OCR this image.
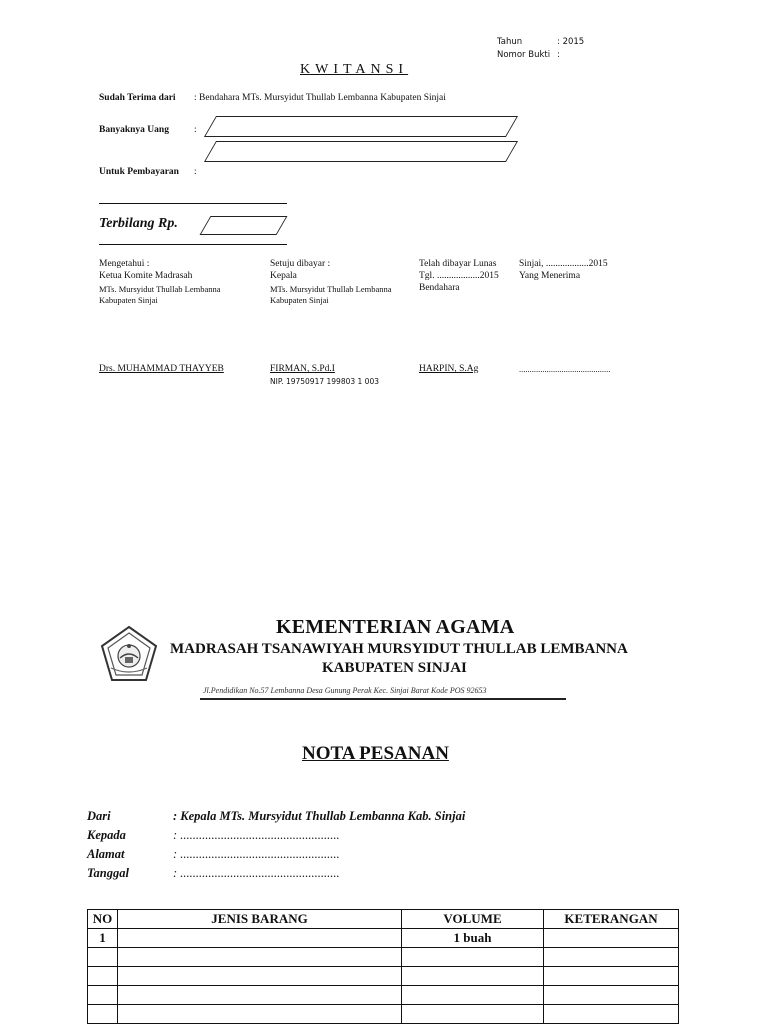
Tahun	: 2015
Nomor Bukti :
KWITANSI
Sudah Terima dari : Bendahara MTs. Mursyidut Thullab Lembanna Kabupaten Sinjai
Banyaknya Uang	:
Untuk Pembayaran :
Terbilang Rp.
Mengetahui :
Ketua Komite Madrasah
MTs. Mursyidut Thullab Lembanna
Kabupaten Sinjai
Drs. MUHAMMAD THAYYEB
Setuju dibayar :
Kepala
MTs. Mursyidut Thullab Lembanna
Kabupaten Sinjai
FIRMAN, S.Pd.I
NIP. 19750917 199803 1 003
Telah dibayar Lunas
Tgl. ..................2015
Bendahara
HARPIN, S.Ag
Sinjai, ..................2015
Yang Menerima
...........................................
KEMENTERIAN AGAMA
MADRASAH TSANAWIYAH MURSYIDUT THULLAB LEMBANNA
KABUPATEN SINJAI
Jl.Pendidikan No.57 Lembanna Desa Gunung Perak Kec. Sinjai Barat Kode POS 92653
NOTA PESANAN
Dari	: Kepala MTs. Mursyidut Thullab Lembanna Kab. Sinjai
Kepada	: ...................................................
Alamat	: ...................................................
Tanggal	: ...................................................
NO	JENIS BARANG	VOLUME	KETERANGAN
1		1 buah	
